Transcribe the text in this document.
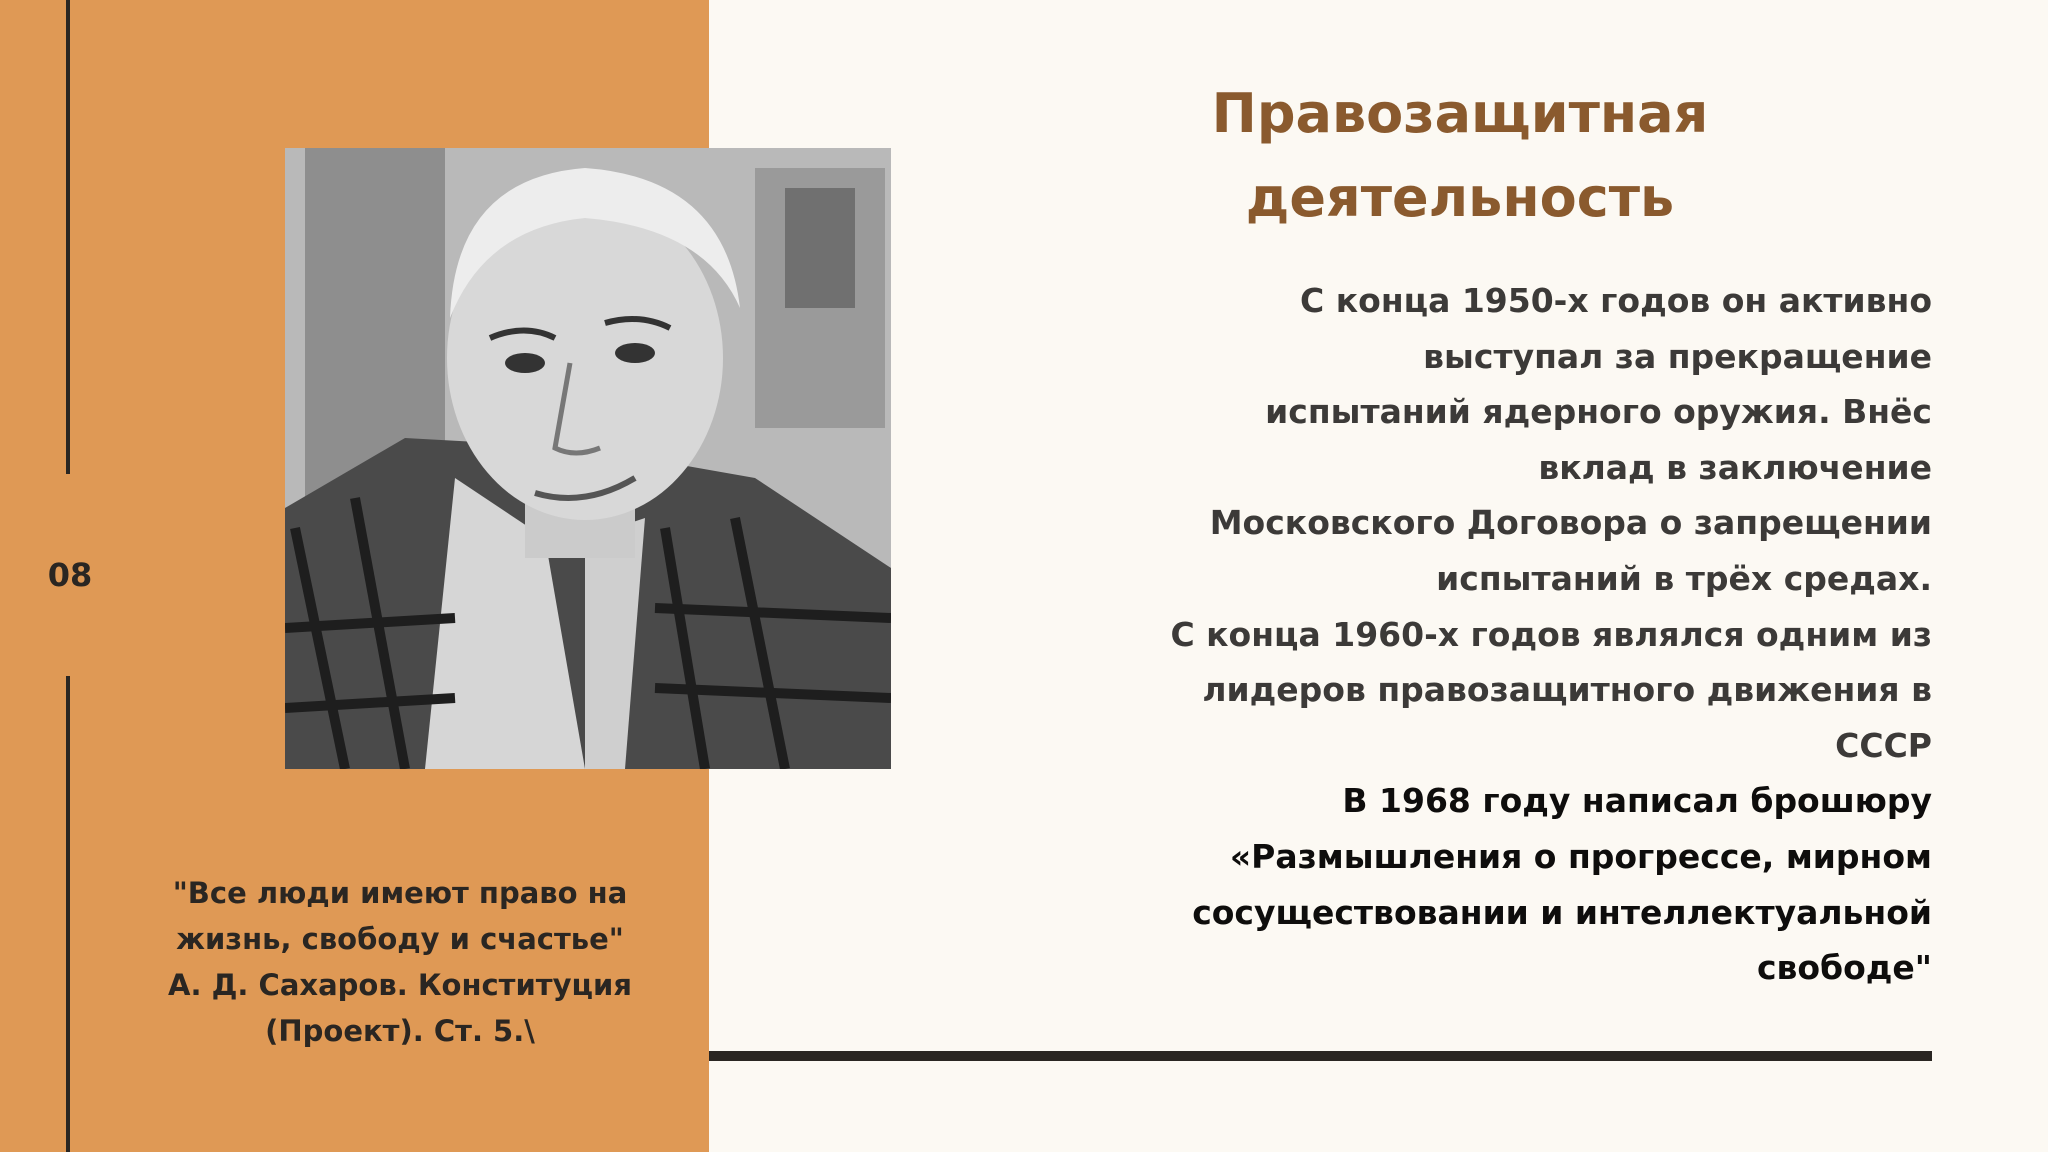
08
"Все люди имеют право на
жизнь, свободу и счастье"
А. Д. Сахаров. Конституция
(Проект). Ст. 5.\
Правозащитная
деятельность
С конца 1950-х годов он активно
выступал за прекращение
испытаний ядерного оружия. Внёс
вклад в заключение
Московского Договора о запрещении
испытаний в трёх средах.
С конца 1960-х годов являлся одним из
лидеров правозащитного движения в
СССР
В 1968 году написал брошюру
«Размышления о прогрессе, мирном
сосуществовании и интеллектуальной
свободе"
